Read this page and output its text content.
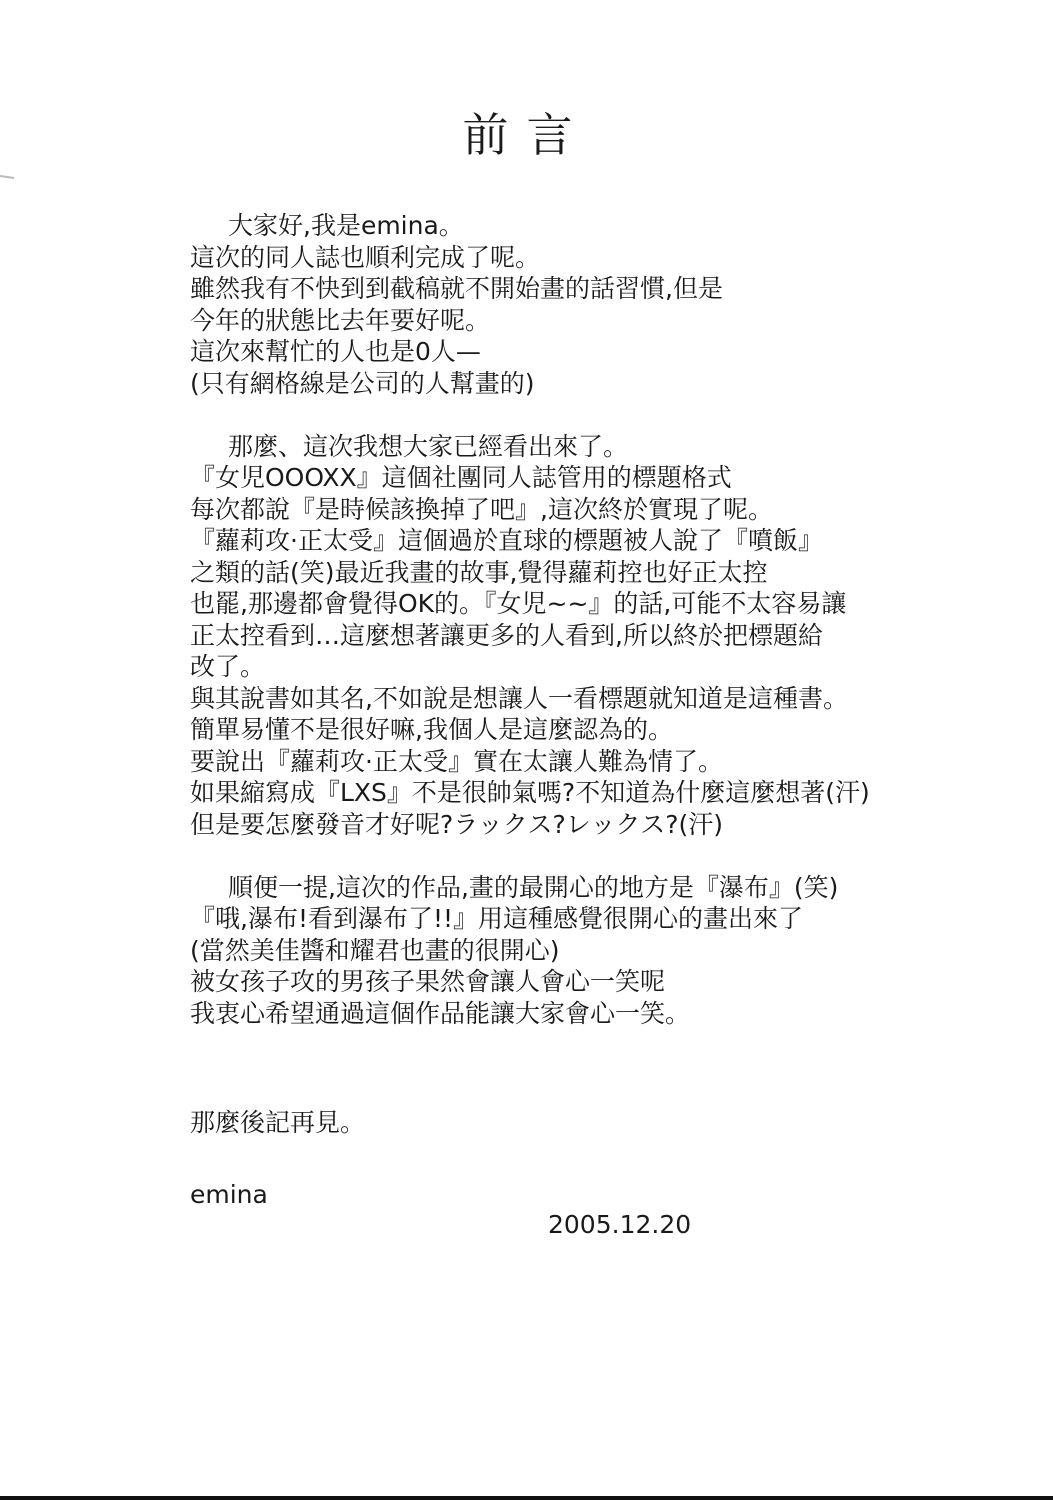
前言
大家好,我是emina。
這次的同人誌也順利完成了呢。
雖然我有不快到到截稿就不開始畫的話習慣,但是
今年的狀態比去年要好呢。
這次來幫忙的人也是0人—
(只有網格線是公司的人幫畫的)
那麼、這次我想大家已經看出來了。
『女児OOOXX』這個社團同人誌管用的標題格式
每次都說『是時候該換掉了吧』,這次終於實現了呢。
『蘿莉攻·正太受』這個過於直球的標題被人說了『噴飯』
之類的話(笑)最近我畫的故事,覺得蘿莉控也好正太控
也罷,那邊都會覺得OK的。『女児~~』的話,可能不太容易讓
正太控看到…這麼想著讓更多的人看到,所以終於把標題給
改了。
與其說書如其名,不如說是想讓人一看標題就知道是這種書。
簡單易懂不是很好嘛,我個人是這麼認為的。
要說出『蘿莉攻·正太受』實在太讓人難為情了。
如果縮寫成『LXS』不是很帥氣嗎?不知道為什麼這麼想著(汗)
但是要怎麼發音才好呢?ラックス?レックス?(汗)
順便一提,這次的作品,畫的最開心的地方是『瀑布』(笑)
『哦,瀑布!看到瀑布了!!』用這種感覺很開心的畫出來了
(當然美佳醬和耀君也畫的很開心)
被女孩子攻的男孩子果然會讓人會心一笑呢
我衷心希望通過這個作品能讓大家會心一笑。
那麼後記再見。
emina
2005.12.20
